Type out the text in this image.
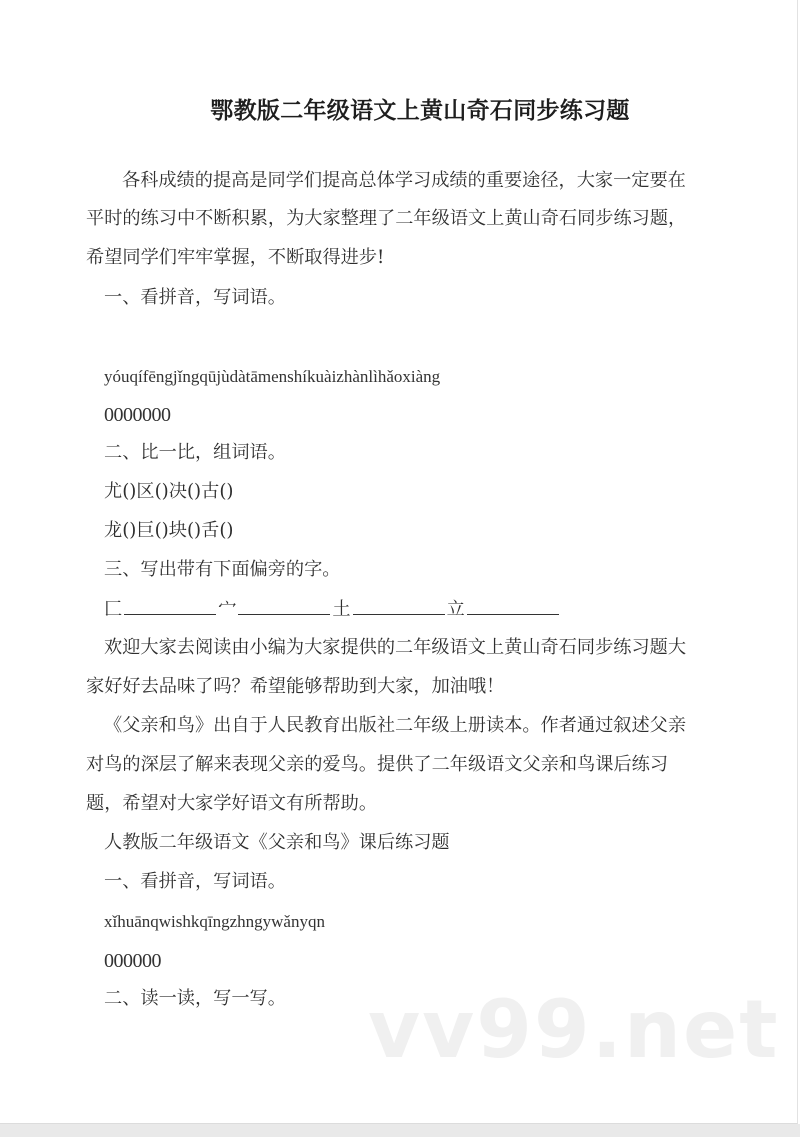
鄂教版二年级语文上黄山奇石同步练习题
各科成绩的提高是同学们提高总体学习成绩的重要途径，大家一定要在
平时的练习中不断积累，为大家整理了二年级语文上黄山奇石同步练习题，
希望同学们牢牢掌握，不断取得进步!
一、看拼音，写词语。
yóuqífēngjǐngqūjùdàtāmenshíkuàizhànlìhǎoxiàng
0000000
二、比一比，组词语。
尤()区()决()古()
龙()巨()块()舌()
三、写出带有下面偏旁的字。
匚	宀	土	立
欢迎大家去阅读由小编为大家提供的二年级语文上黄山奇石同步练习题大
家好好去品味了吗？希望能够帮助到大家，加油哦！
《父亲和鸟》出自于人民教育出版社二年级上册读本。作者通过叙述父亲
对鸟的深层了解来表现父亲的爱鸟。提供了二年级语文父亲和鸟课后练习
题，希望对大家学好语文有所帮助。
人教版二年级语文《父亲和鸟》课后练习题
一、看拼音，写词语。
xǐhuānqwishkqīngzhngywǎnyqn
000000
二、读一读，写一写。 vv99.net
